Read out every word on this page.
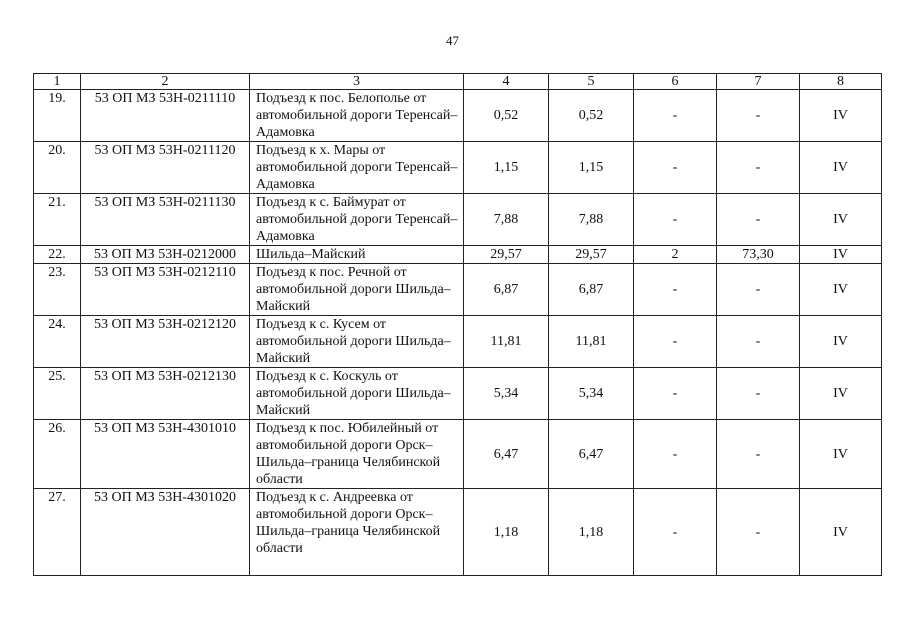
47
1	2	3	4	5	6	7	8
19.	53 ОП МЗ 53Н-0211110	Подъезд к пос. Белополье от автомобильной дороги Теренсай–Адамовка	0,52	0,52	-	-	IV
20.	53 ОП МЗ 53Н-0211120	Подъезд к х. Мары от автомобильной дороги Теренсай–Адамовка	1,15	1,15	-	-	IV
21.	53 ОП МЗ 53Н-0211130	Подъезд к с. Баймурат от автомобильной дороги Теренсай–Адамовка	7,88	7,88	-	-	IV
22.	53 ОП МЗ 53Н-0212000	Шильда–Майский	29,57	29,57	2	73,30	IV
23.	53 ОП МЗ 53Н-0212110	Подъезд к пос. Речной от автомобильной дороги Шильда–Майский	6,87	6,87	-	-	IV
24.	53 ОП МЗ 53Н-0212120	Подъезд к с. Кусем от автомобильной дороги Шильда–Майский	11,81	11,81	-	-	IV
25.	53 ОП МЗ 53Н-0212130	Подъезд к с. Коскуль от автомобильной дороги Шильда–Майский	5,34	5,34	-	-	IV
26.	53 ОП МЗ 53Н-4301010	Подъезд к пос. Юбилейный от автомобильной дороги Орск–Шильда–граница Челябинской области	6,47	6,47	-	-	IV
27.	53 ОП МЗ 53Н-4301020	Подъезд к с. Андреевка от автомобильной дороги Орск–Шильда–граница Челябинской области	1,18	1,18	-	-	IV
